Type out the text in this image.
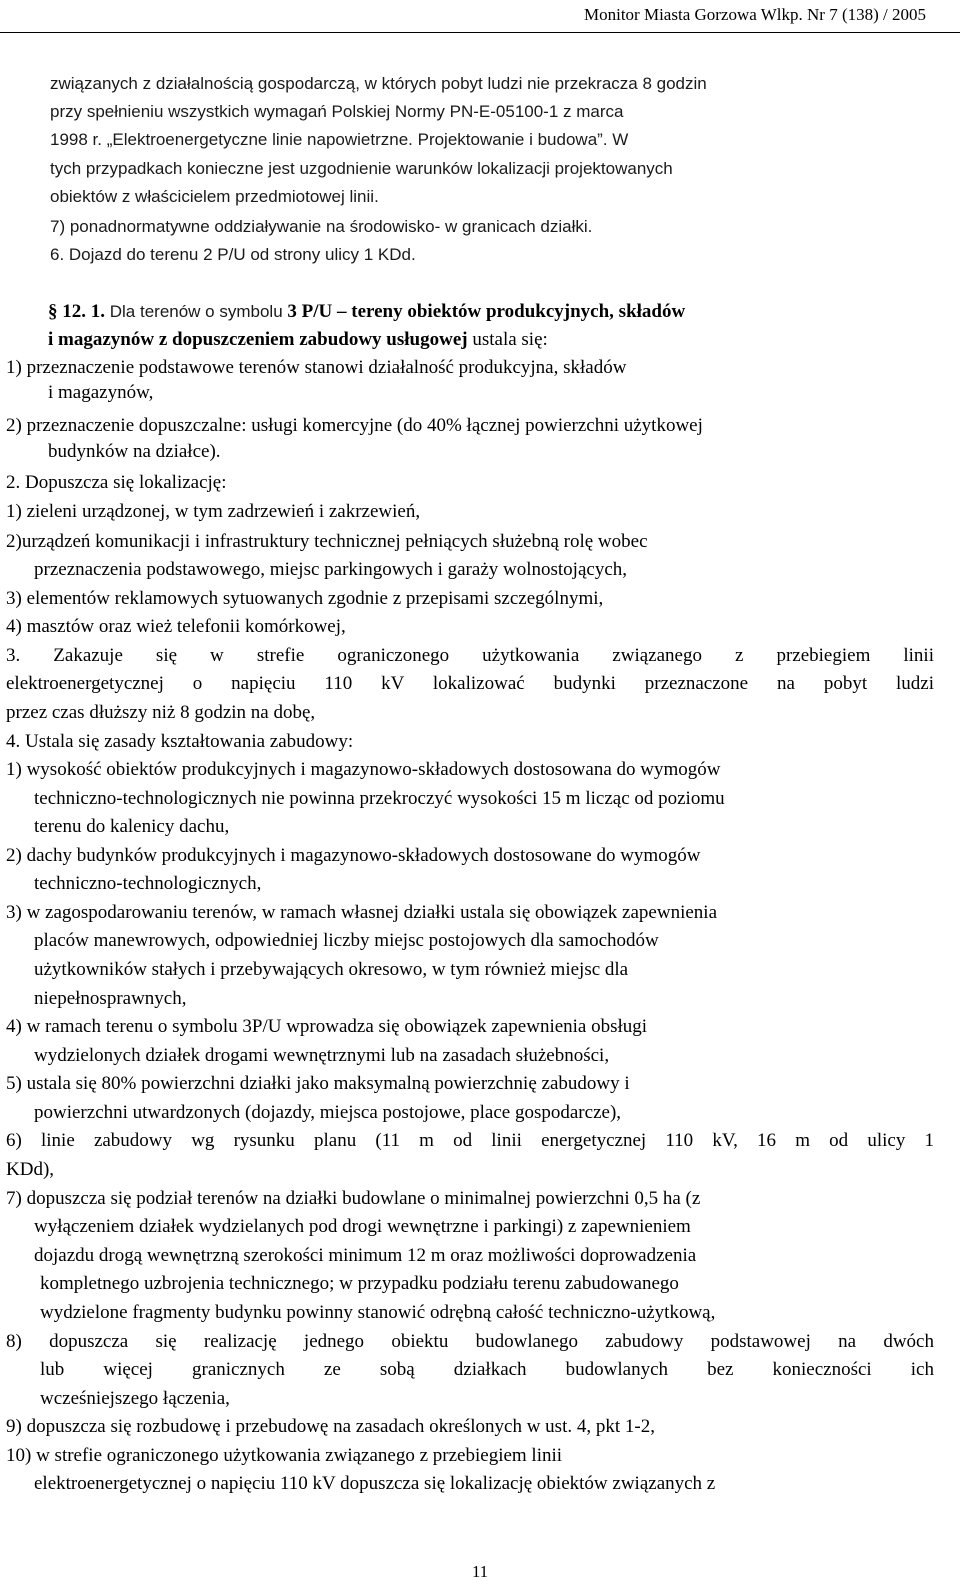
Monitor Miasta Gorzowa Wlkp. Nr 7 (138) / 2005
związanych z działalnością gospodarczą, w których pobyt ludzi nie przekracza 8 godzin
przy spełnieniu wszystkich wymagań Polskiej Normy PN-E-05100-1 z marca
1998 r. „Elektroenergetyczne linie napowietrzne. Projektowanie i budowa”. W
tych przypadkach konieczne jest uzgodnienie warunków lokalizacji projektowanych
obiektów z właścicielem przedmiotowej linii.
7) ponadnormatywne oddziaływanie na środowisko- w granicach działki.
6. Dojazd do terenu 2 P/U od strony ulicy 1 KDd.
§ 12. 1. Dla terenów o symbolu 3 P/U – tereny obiektów produkcyjnych, składów
i magazynów z dopuszczeniem zabudowy usługowej ustala się:
1) przeznaczenie podstawowe terenów stanowi działalność produkcyjna, składów
i magazynów,
2) przeznaczenie dopuszczalne: usługi komercyjne (do 40% łącznej powierzchni użytkowej
budynków na działce).
2. Dopuszcza się lokalizację:
1) zieleni urządzonej, w tym zadrzewień i zakrzewień,
2)urządzeń komunikacji i infrastruktury technicznej pełniących służebną rolę wobec
przeznaczenia podstawowego, miejsc parkingowych i garaży wolnostojących,
3) elementów reklamowych sytuowanych zgodnie z przepisami szczególnymi,
4) masztów oraz wież telefonii komórkowej,
3. Zakazuje się w strefie ograniczonego użytkowania związanego z przebiegiem linii
elektroenergetycznej o napięciu 110 kV lokalizować budynki przeznaczone na pobyt ludzi
przez czas dłuższy niż 8 godzin na dobę,
4. Ustala się zasady kształtowania zabudowy:
1) wysokość obiektów produkcyjnych i magazynowo-składowych dostosowana do wymogów
techniczno-technologicznych nie powinna przekroczyć wysokości 15 m licząc od poziomu
terenu do kalenicy dachu,
2) dachy budynków produkcyjnych i magazynowo-składowych dostosowane do wymogów
techniczno-technologicznych,
3) w zagospodarowaniu terenów, w ramach własnej działki ustala się obowiązek zapewnienia
placów manewrowych, odpowiedniej liczby miejsc postojowych dla samochodów
użytkowników stałych i przebywających okresowo, w tym również miejsc dla
niepełnosprawnych,
4) w ramach terenu o symbolu 3P/U wprowadza się obowiązek zapewnienia obsługi
wydzielonych działek drogami wewnętrznymi lub na zasadach służebności,
5) ustala się 80% powierzchni działki jako maksymalną powierzchnię zabudowy i
powierzchni utwardzonych (dojazdy, miejsca postojowe, place gospodarcze),
6) linie zabudowy wg rysunku planu (11 m od linii energetycznej 110 kV, 16 m od ulicy 1
KDd),
7) dopuszcza się podział terenów na działki budowlane o minimalnej powierzchni 0,5 ha (z
wyłączeniem działek wydzielanych pod drogi wewnętrzne i parkingi) z zapewnieniem
dojazdu drogą wewnętrzną szerokości minimum 12 m oraz możliwości doprowadzenia
kompletnego uzbrojenia technicznego; w przypadku podziału terenu zabudowanego
wydzielone fragmenty budynku powinny stanowić odrębną całość techniczno-użytkową,
8) dopuszcza się realizację jednego obiektu budowlanego zabudowy podstawowej na dwóch
lub więcej granicznych ze sobą działkach budowlanych bez konieczności ich
wcześniejszego łączenia,
9) dopuszcza się rozbudowę i przebudowę na zasadach określonych w ust. 4, pkt 1-2,
10) w strefie ograniczonego użytkowania związanego z przebiegiem linii
elektroenergetycznej o napięciu 110 kV dopuszcza się lokalizację obiektów związanych z
11
